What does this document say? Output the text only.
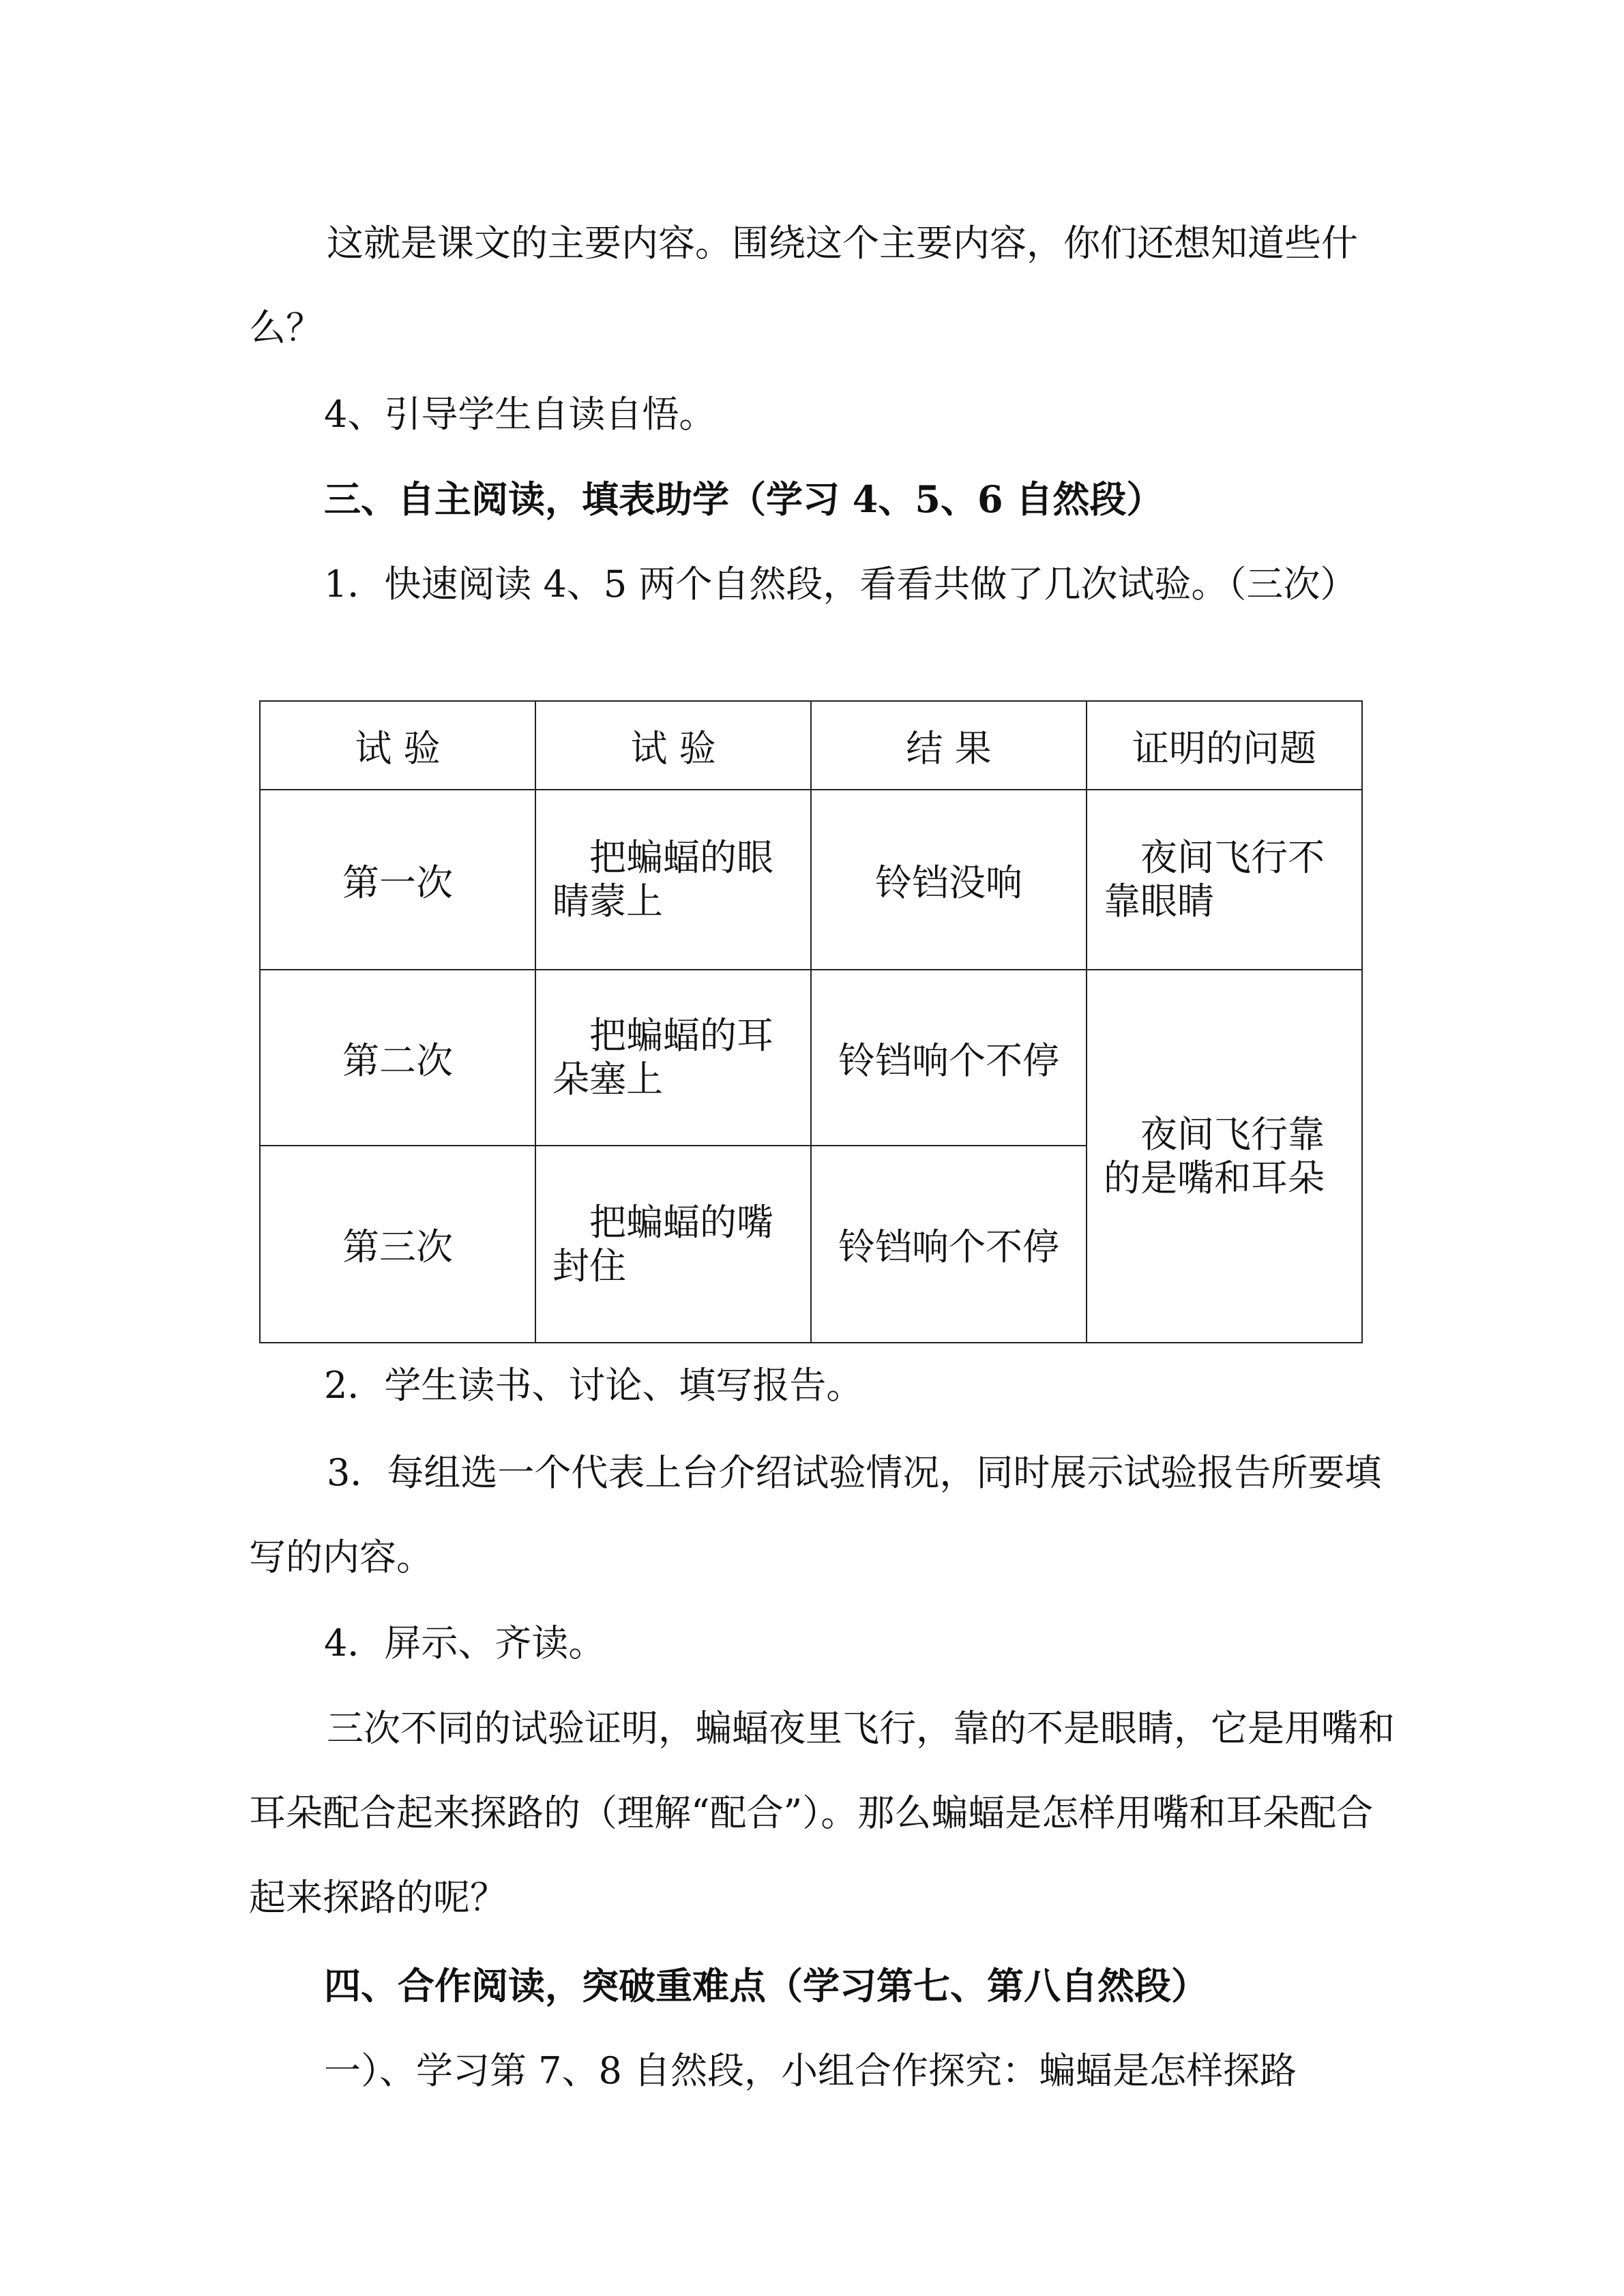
这就是课文的主要内容。围绕这个主要内容，你们还想知道些什么？

4、引导学生自读自悟。

三、自主阅读，填表助学（学习 4、5、6 自然段）

1．快速阅读 4、5 两个自然段，看看共做了几次试验。（三次）

试 验	试 验	结 果	证明的问题
第一次	把蝙蝠的眼睛蒙上	铃铛没响	夜间飞行不靠眼睛
第二次	把蝙蝠的耳朵塞上	铃铛响个不停	夜间飞行靠的是嘴和耳朵
第三次	把蝙蝠的嘴封住	铃铛响个不停	

2．学生读书、讨论、填写报告。

3．每组选一个代表上台介绍试验情况，同时展示试验报告所要填写的内容。

4．屏示、齐读。

三次不同的试验证明，蝙蝠夜里飞行，靠的不是眼睛，它是用嘴和耳朵配合起来探路的（理解“配合”）。那么蝙蝠是怎样用嘴和耳朵配合起来探路的呢？

四、合作阅读，突破重难点（学习第七、第八自然段）

一）、学习第 7、8 自然段，小组合作探究：蝙蝠是怎样探路
